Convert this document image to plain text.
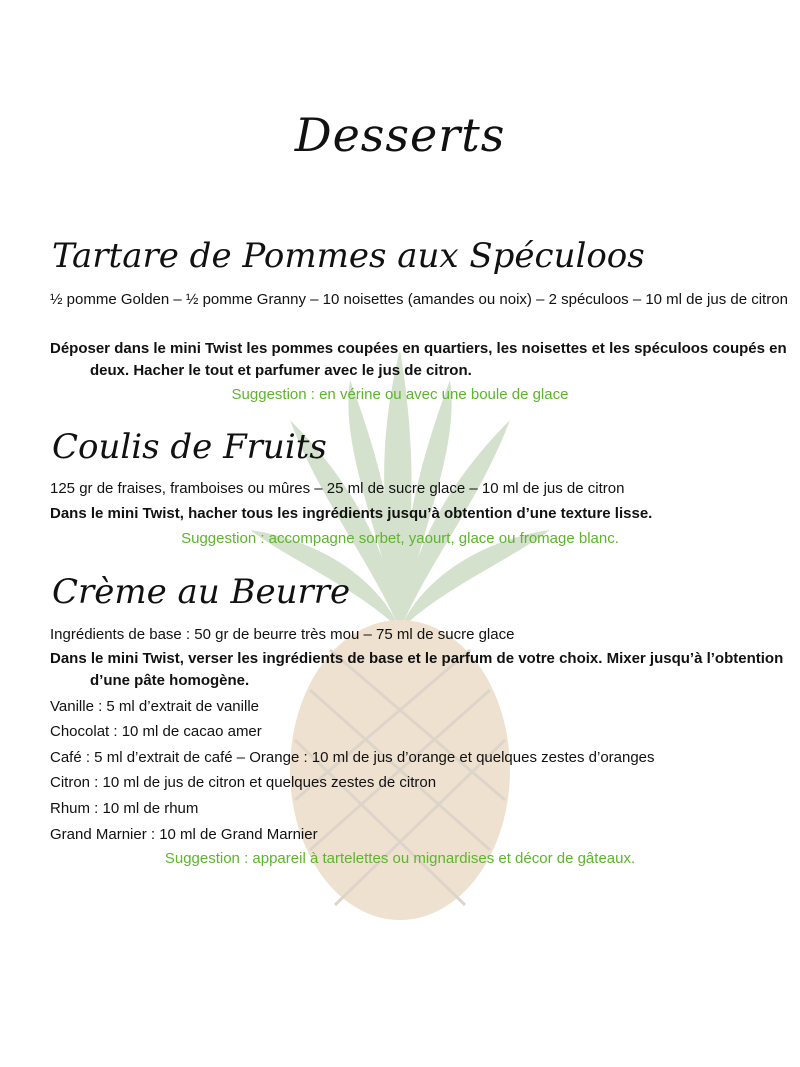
Desserts
Tartare de Pommes aux Spéculoos
½ pomme Golden – ½ pomme Granny – 10 noisettes (amandes ou noix) – 2 spéculoos – 10 ml de jus de citron
Déposer dans le mini Twist les pommes coupées en quartiers, les noisettes et les spéculoos coupés en deux. Hacher le tout et parfumer avec le jus de citron.
Suggestion : en vérine ou avec une boule de glace
Coulis de Fruits
125 gr de fraises, framboises ou mûres – 25 ml de sucre glace – 10 ml de jus de citron
Dans le mini Twist, hacher tous les ingrédients jusqu’à obtention d’une texture lisse.
Suggestion : accompagne sorbet, yaourt, glace ou fromage blanc.
Crème au Beurre
Ingrédients de base : 50 gr de beurre très mou – 75 ml de sucre glace
Dans le mini Twist, verser les ingrédients de base et le parfum de votre choix. Mixer jusqu’à l’obtention d’une pâte homogène.
Vanille : 5 ml d’extrait de vanille
Chocolat : 10 ml de cacao amer
Café : 5 ml d’extrait de café – Orange : 10 ml de jus d’orange et quelques zestes d’oranges
Citron : 10 ml de jus de citron et quelques zestes de citron
Rhum : 10 ml de rhum
Grand Marnier : 10 ml de Grand Marnier
Suggestion : appareil à tartelettes ou mignardises et décor de gâteaux.
